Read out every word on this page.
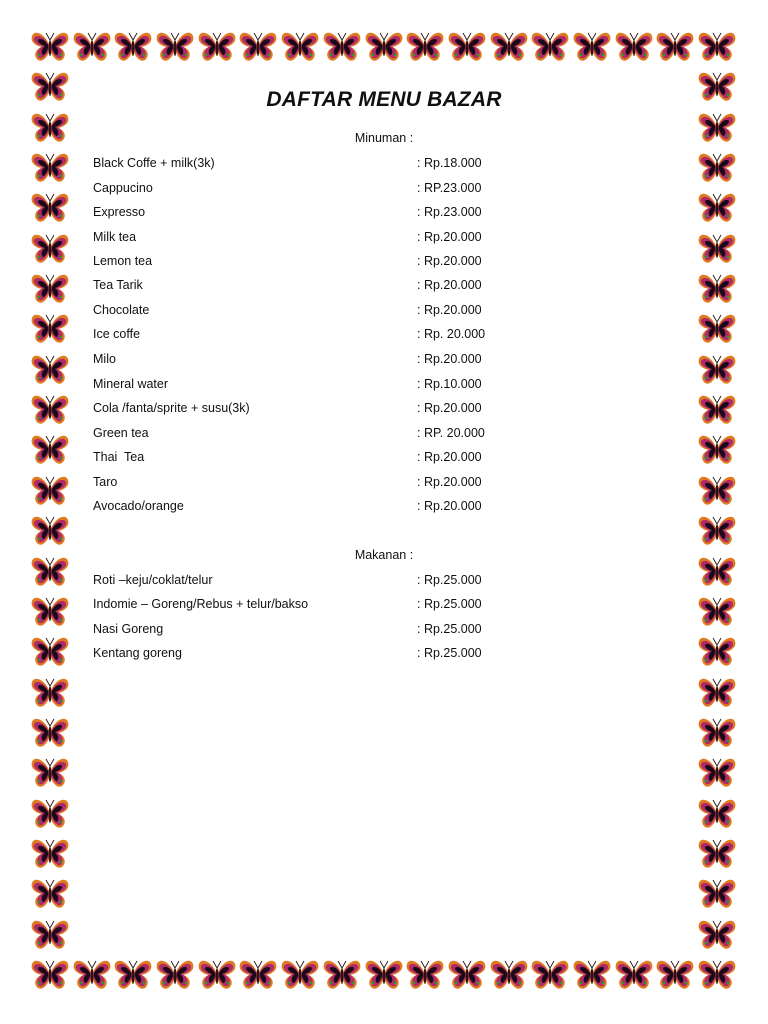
DAFTAR MENU BAZAR
Minuman :
Black Coffe + milk(3k)	: Rp.18.000
Cappucino	: RP.23.000
Expresso	: Rp.23.000
Milk tea	: Rp.20.000
Lemon tea	: Rp.20.000
Tea Tarik	: Rp.20.000
Chocolate	: Rp.20.000
Ice coffe	: Rp. 20.000
Milo	: Rp.20.000
Mineral water	: Rp.10.000
Cola /fanta/sprite + susu(3k)	: Rp.20.000
Green tea	: RP. 20.000
Thai  Tea	: Rp.20.000
Taro	: Rp.20.000
Avocado/orange	: Rp.20.000
Makanan :
Roti –keju/coklat/telur	: Rp.25.000
Indomie – Goreng/Rebus + telur/bakso	: Rp.25.000
Nasi Goreng	: Rp.25.000
Kentang goreng	: Rp.25.000
